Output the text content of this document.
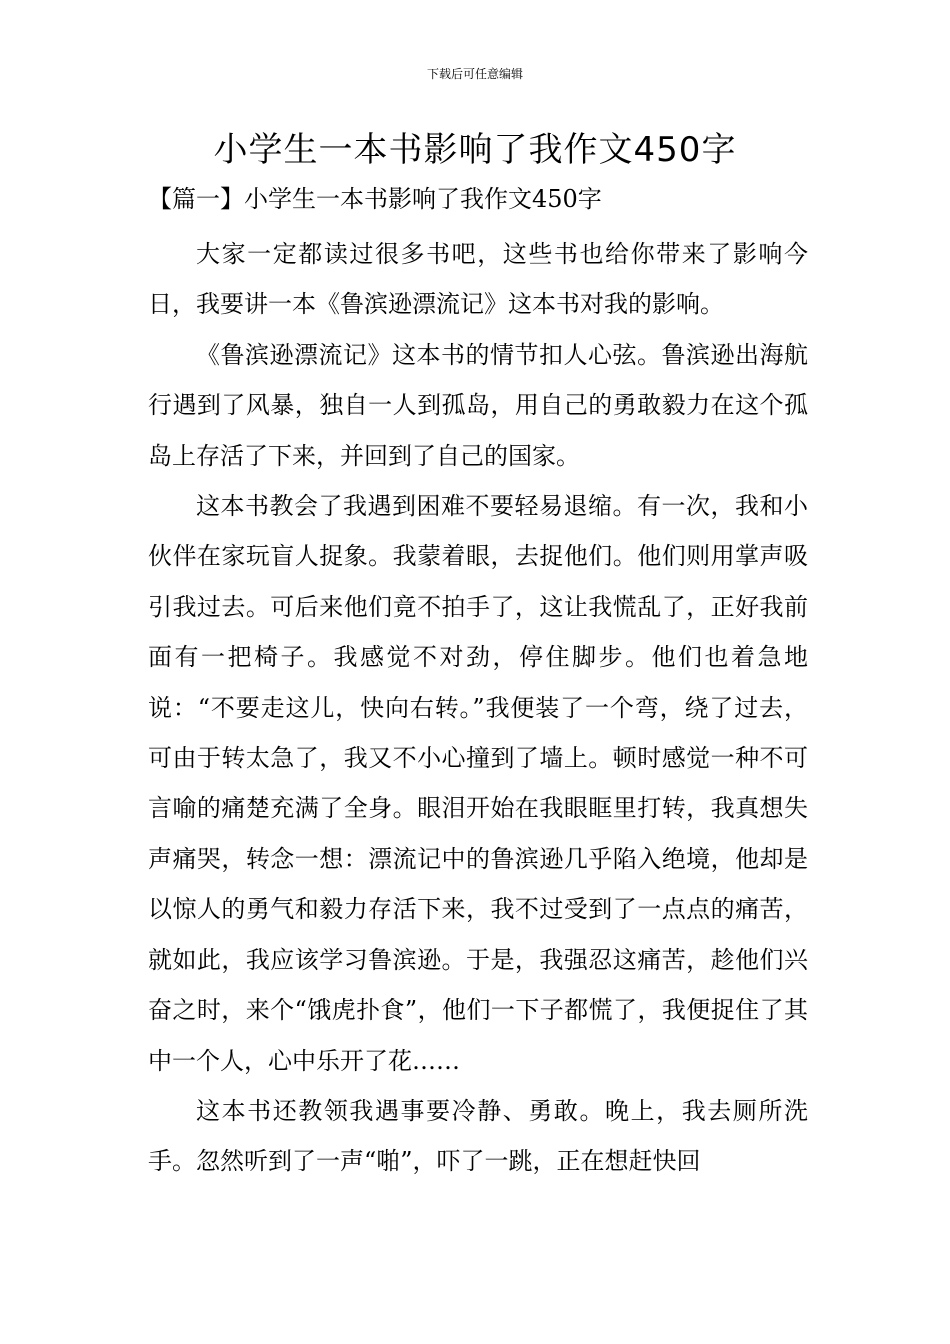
下载后可任意编辑
小学生一本书影响了我作文450字
【篇一】小学生一本书影响了我作文450字

大家一定都读过很多书吧，这些书也给你带来了影响今日，我要讲一本《鲁滨逊漂流记》这本书对我的影响。

《鲁滨逊漂流记》这本书的情节扣人心弦。鲁滨逊出海航行遇到了风暴，独自一人到孤岛，用自己的勇敢毅力在这个孤岛上存活了下来，并回到了自己的国家。

这本书教会了我遇到困难不要轻易退缩。有一次，我和小伙伴在家玩盲人捉象。我蒙着眼，去捉他们。他们则用掌声吸引我过去。可后来他们竟不拍手了，这让我慌乱了，正好我前面有一把椅子。我感觉不对劲，停住脚步。他们也着急地说：“不要走这儿，快向右转。”我便装了一个弯，绕了过去，可由于转太急了，我又不小心撞到了墙上。顿时感觉一种不可言喻的痛楚充满了全身。眼泪开始在我眼眶里打转，我真想失声痛哭，转念一想：漂流记中的鲁滨逊几乎陷入绝境，他却是以惊人的勇气和毅力存活下来，我不过受到了一点点的痛苦，就如此，我应该学习鲁滨逊。于是，我强忍这痛苦，趁他们兴奋之时，来个“饿虎扑食”，他们一下子都慌了，我便捉住了其中一个人，心中乐开了花……

这本书还教领我遇事要冷静、勇敢。晚上，我去厕所洗手。忽然听到了一声“啪”，吓了一跳，正在想赶快回
